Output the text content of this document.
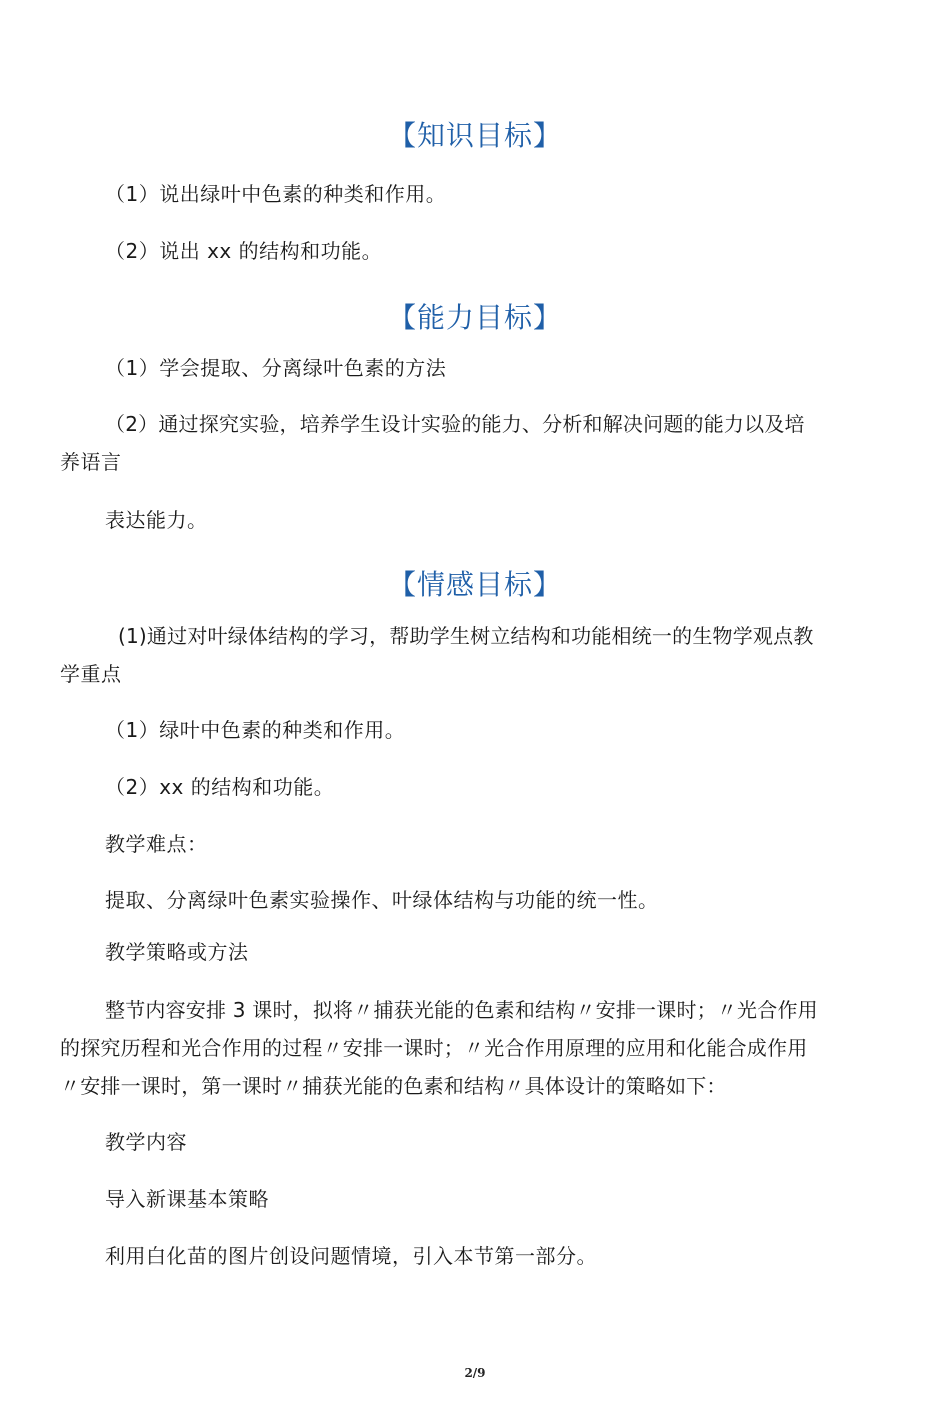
【知识目标】
（1）说出绿叶中色素的种类和作用。
（2）说出 xx 的结构和功能。
【能力目标】
（1）学会提取、分离绿叶色素的方法
（2）通过探究实验，培养学生设计实验的能力、分析和解决问题的能力以及培
养语言
表达能力。
【情感目标】
(1)通过对叶绿体结构的学习，帮助学生树立结构和功能相统一的生物学观点教
学重点
（1）绿叶中色素的种类和作用。
（2）xx 的结构和功能。
教学难点：
提取、分离绿叶色素实验操作、叶绿体结构与功能的统一性。
教学策略或方法
整节内容安排 3 课时，拟将〃捕获光能的色素和结构〃安排一课时；〃光合作用
的探究历程和光合作用的过程〃安排一课时；〃光合作用原理的应用和化能合成作用
〃安排一课时，第一课时〃捕获光能的色素和结构〃具体设计的策略如下：
教学内容
导入新课基本策略
利用白化苗的图片创设问题情境，引入本节第一部分。
2/9
